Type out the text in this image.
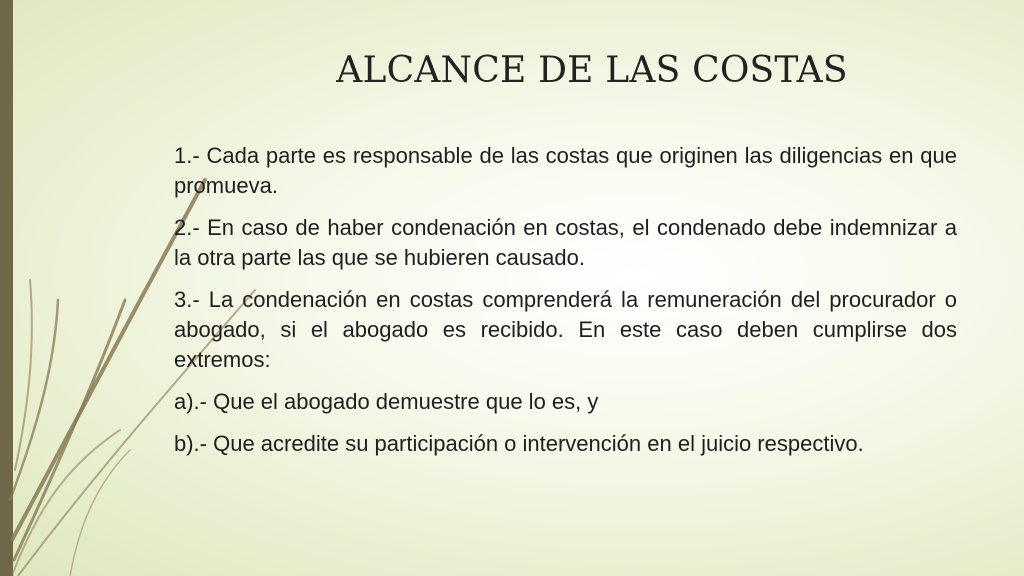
ALCANCE DE LAS COSTAS

1.- Cada parte es responsable de las costas que originen las diligencias en que promueva.

2.- En caso de haber condenación en costas, el condenado debe indemnizar a la otra parte las que se hubieren causado.

3.- La condenación en costas comprenderá la remuneración del procurador o abogado, si el abogado es recibido. En este caso deben cumplirse dos extremos:

a).- Que el abogado demuestre que lo es, y

b).- Que acredite su participación o intervención en el juicio respectivo.
